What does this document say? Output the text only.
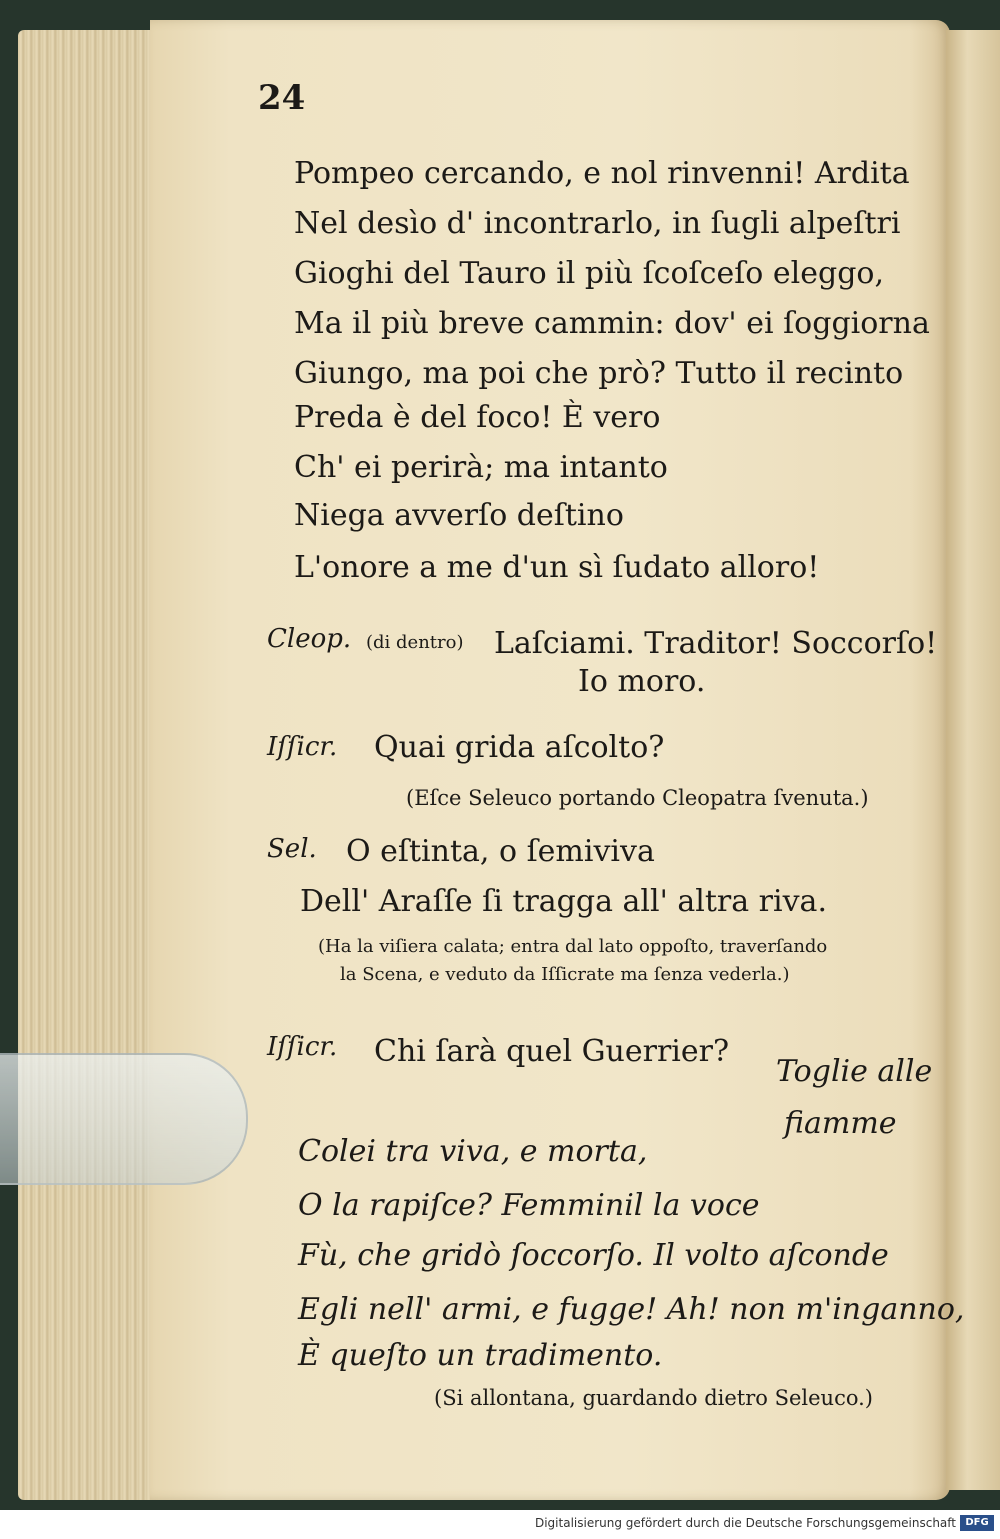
24
Pompeo cercando, e nol rinvenni! Ardita
Nel desìo d' incontrarlo, in ſugli alpeſtri
Gioghi del Tauro il più ſcoſceſo eleggo,
Ma il più breve cammin: dov' ei ſoggiorna
Giungo, ma poi che prò? Tutto il recinto
Preda è del foco! È vero
Ch' ei perirà; ma intanto
Niega avverſo deſtino
L'onore a me d'un sì ſudato alloro!
Cleop. (di dentro) Laſciami. Traditor! Soccorſo!
Io moro.
Iſſicr. Quai grida aſcolto?
(Eſce Seleuco portando Cleopatra ſvenuta.)
Sel. O eſtinta, o ſemiviva
Dell' Araſſe ſi tragga all' altra riva.
(Ha la viſiera calata; entra dal lato oppoſto, traverſando
la Scena, e veduto da Iſſicrate ma ſenza vederla.)
Iſſicr. Chi ſarà quel Guerrier?
Toglie alle
fiamme
Colei tra viva, e morta,
O la rapiſce? Femminil la voce
Fù, che gridò ſoccorſo. Il volto aſconde
Egli nell' armi, e fugge! Ah! non m'inganno,
È queſto un tradimento.
(Si allontana, guardando dietro Seleuco.)
Digitalisierung gefördert durch die Deutsche Forschungsgemeinschaft DFG
